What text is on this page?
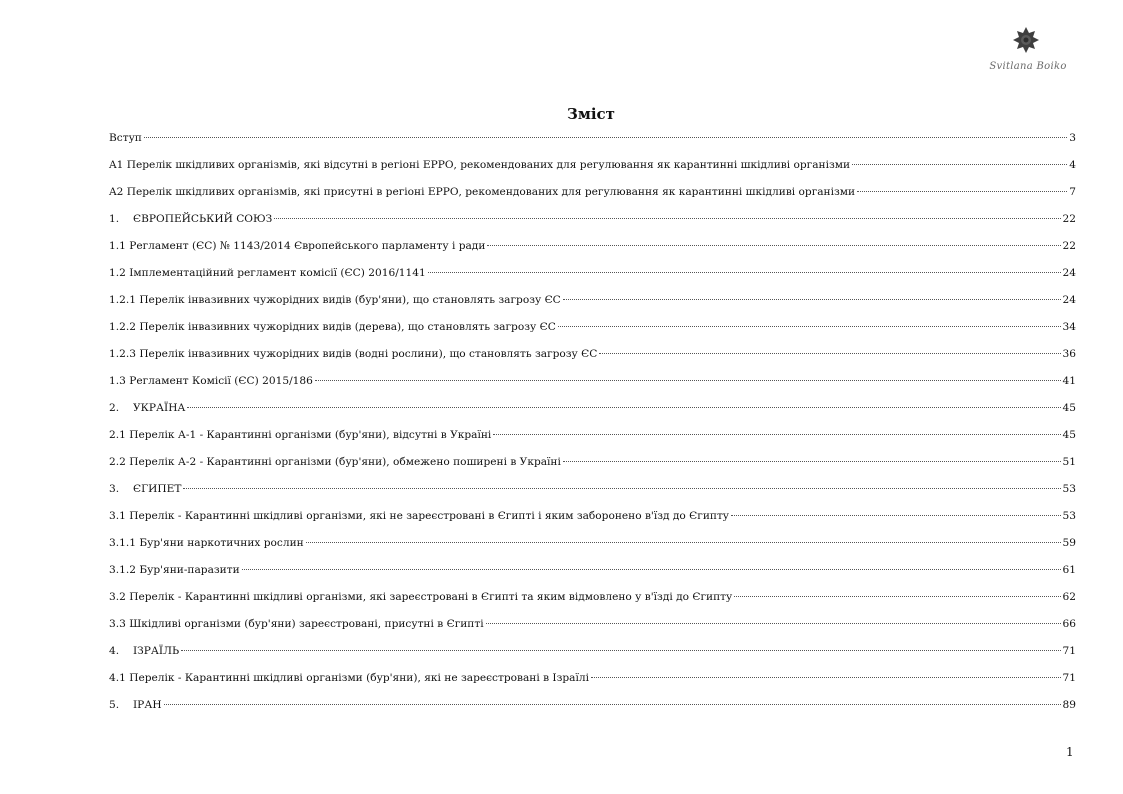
Svitlana Boiko
Зміст
Вступ	3
A1 Перелік шкідливих організмів, які відсутні в регіоні ЕРРО, рекомендованих для регулювання як карантинні шкідливі організми	4
A2 Перелік шкідливих організмів, які присутні в регіоні ЕРРО, рекомендованих для регулювання як карантинні шкідливі організми	7
1. ЄВРОПЕЙСЬКИЙ СОЮЗ	22
1.1 Регламент (ЄС) № 1143/2014 Європейського парламенту і ради	22
1.2 Імплементаційний регламент комісії (ЄС) 2016/1141	24
1.2.1 Перелік інвазивних чужорідних видів (бур'яни), що становлять загрозу ЄС	24
1.2.2 Перелік інвазивних чужорідних видів (дерева), що становлять загрозу ЄС	34
1.2.3 Перелік інвазивних чужорідних видів (водні рослини), що становлять загрозу ЄС	36
1.3 Регламент Комісії (ЄС) 2015/186	41
2. УКРАЇНА	45
2.1 Перелік А-1 - Карантинні організми (бур'яни), відсутні в Україні	45
2.2 Перелік А-2 - Карантинні організми (бур'яни), обмежено поширені в Україні	51
3. ЄГИПЕТ	53
3.1 Перелік - Карантинні шкідливі організми, які не зареєстровані в Єгипті і яким заборонено в'їзд до Єгипту	53
3.1.1 Бур'яни наркотичних рослин	59
3.1.2 Бур'яни-паразити	61
3.2 Перелік - Карантинні шкідливі організми, які зареєстровані в Єгипті та яким відмовлено у в'їзді до Єгипту	62
3.3 Шкідливі організми (бур'яни) зареєстровані, присутні в Єгипті	66
4. ІЗРАЇЛЬ	71
4.1 Перелік - Карантинні шкідливі організми (бур'яни), які не зареєстровані в Ізраїлі	71
5. ІРАН	89
1
